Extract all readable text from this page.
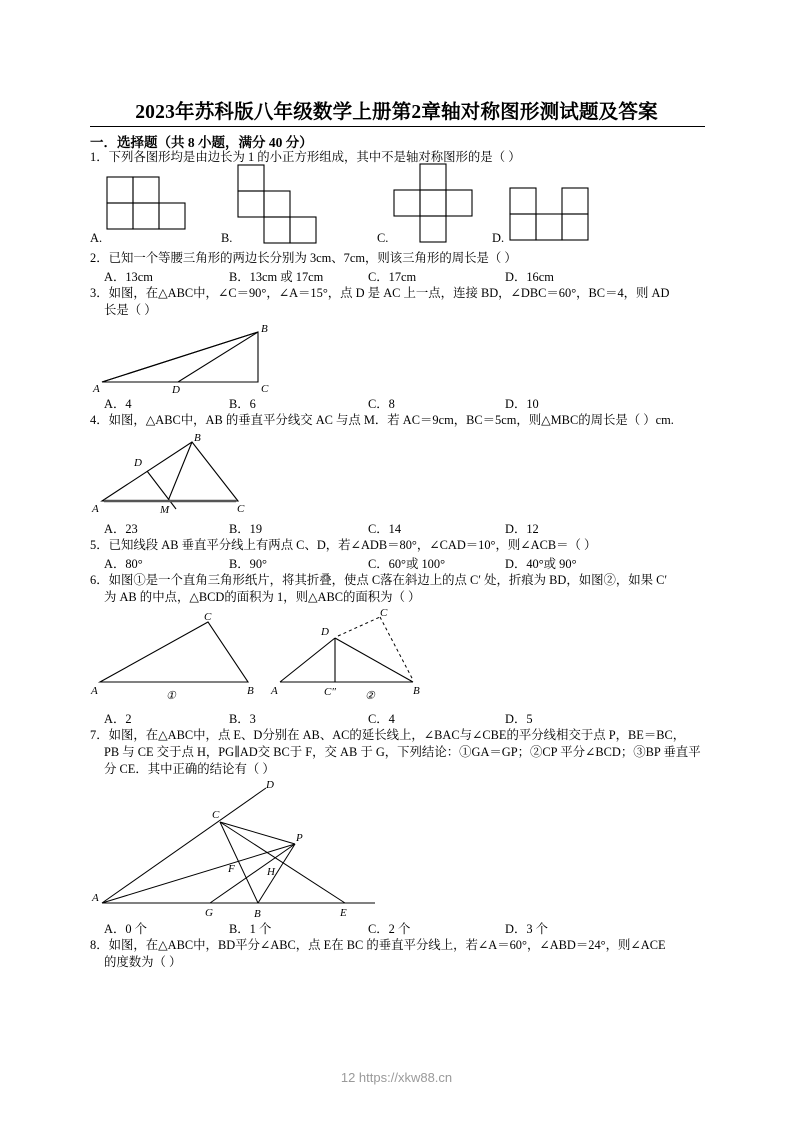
2023年苏科版八年级数学上册第2章轴对称图形测试题及答案
一．选择题（共 8 小题，满分 40 分）
1．下列各图形均是由边长为 1 的小正方形组成，其中不是轴对称图形的是（ ）
A.	B.	C.	D.
2．已知一个等腰三角形的两边长分别为 3cm、7cm，则该三角形的周长是（ ）
A．13cm	B．13cm 或 17cm	C．17cm	D．16cm
3．如图，在△ABC中，∠C＝90°，∠A＝15°，点 D 是 AC 上一点，连接 BD，∠DBC＝60°，BC＝4，则 AD
长是（ ）
A	D	C
B
A．4	B．6	C．8	D．10
4．如图，△ABC中，AB 的垂直平分线交 AC 与点 M．若 AC＝9cm，BC＝5cm，则△MBC的周长是（ ）cm.
A	M	C
B
D
A．23	B．19	C．14	D．12
5．已知线段 AB 垂直平分线上有两点 C、D，若∠ADB＝80°，∠CAD＝10°，则∠ACB＝（ ）
A．80°	B．90°	C．60°或 100°	D．40°或 90°
6．如图①是一个直角三角形纸片，将其折叠，使点 C落在斜边上的点 C′ 处，折痕为 BD，如图②，如果 C′
为 AB 的中点，△BCD的面积为 1，则△ABC的面积为（ ）
A	B
C
①	A	C″	B
D
C
②
A．2	B．3	C．4	D．5
7．如图，在△ABC中，点 E、D分别在 AB、AC的延长线上，∠BAC与∠CBE的平分线相交于点 P，BE＝BC，
PB 与 CE 交于点 H，PG∥AD交 BC于 F，交 AB 于 G，下列结论：①GA＝GP；②CP 平分∠BCD；③BP 垂直平
分 CE．其中正确的结论有（ ）
A
G	B	E
C
D
P
F	H
A．0 个	B．1 个	C．2 个	D．3 个
8．如图，在△ABC中，BD平分∠ABC，点 E在 BC 的垂直平分线上，若∠A＝60°，∠ABD＝24°，则∠ACE
的度数为（ ）
12 https://xkw88.cn
